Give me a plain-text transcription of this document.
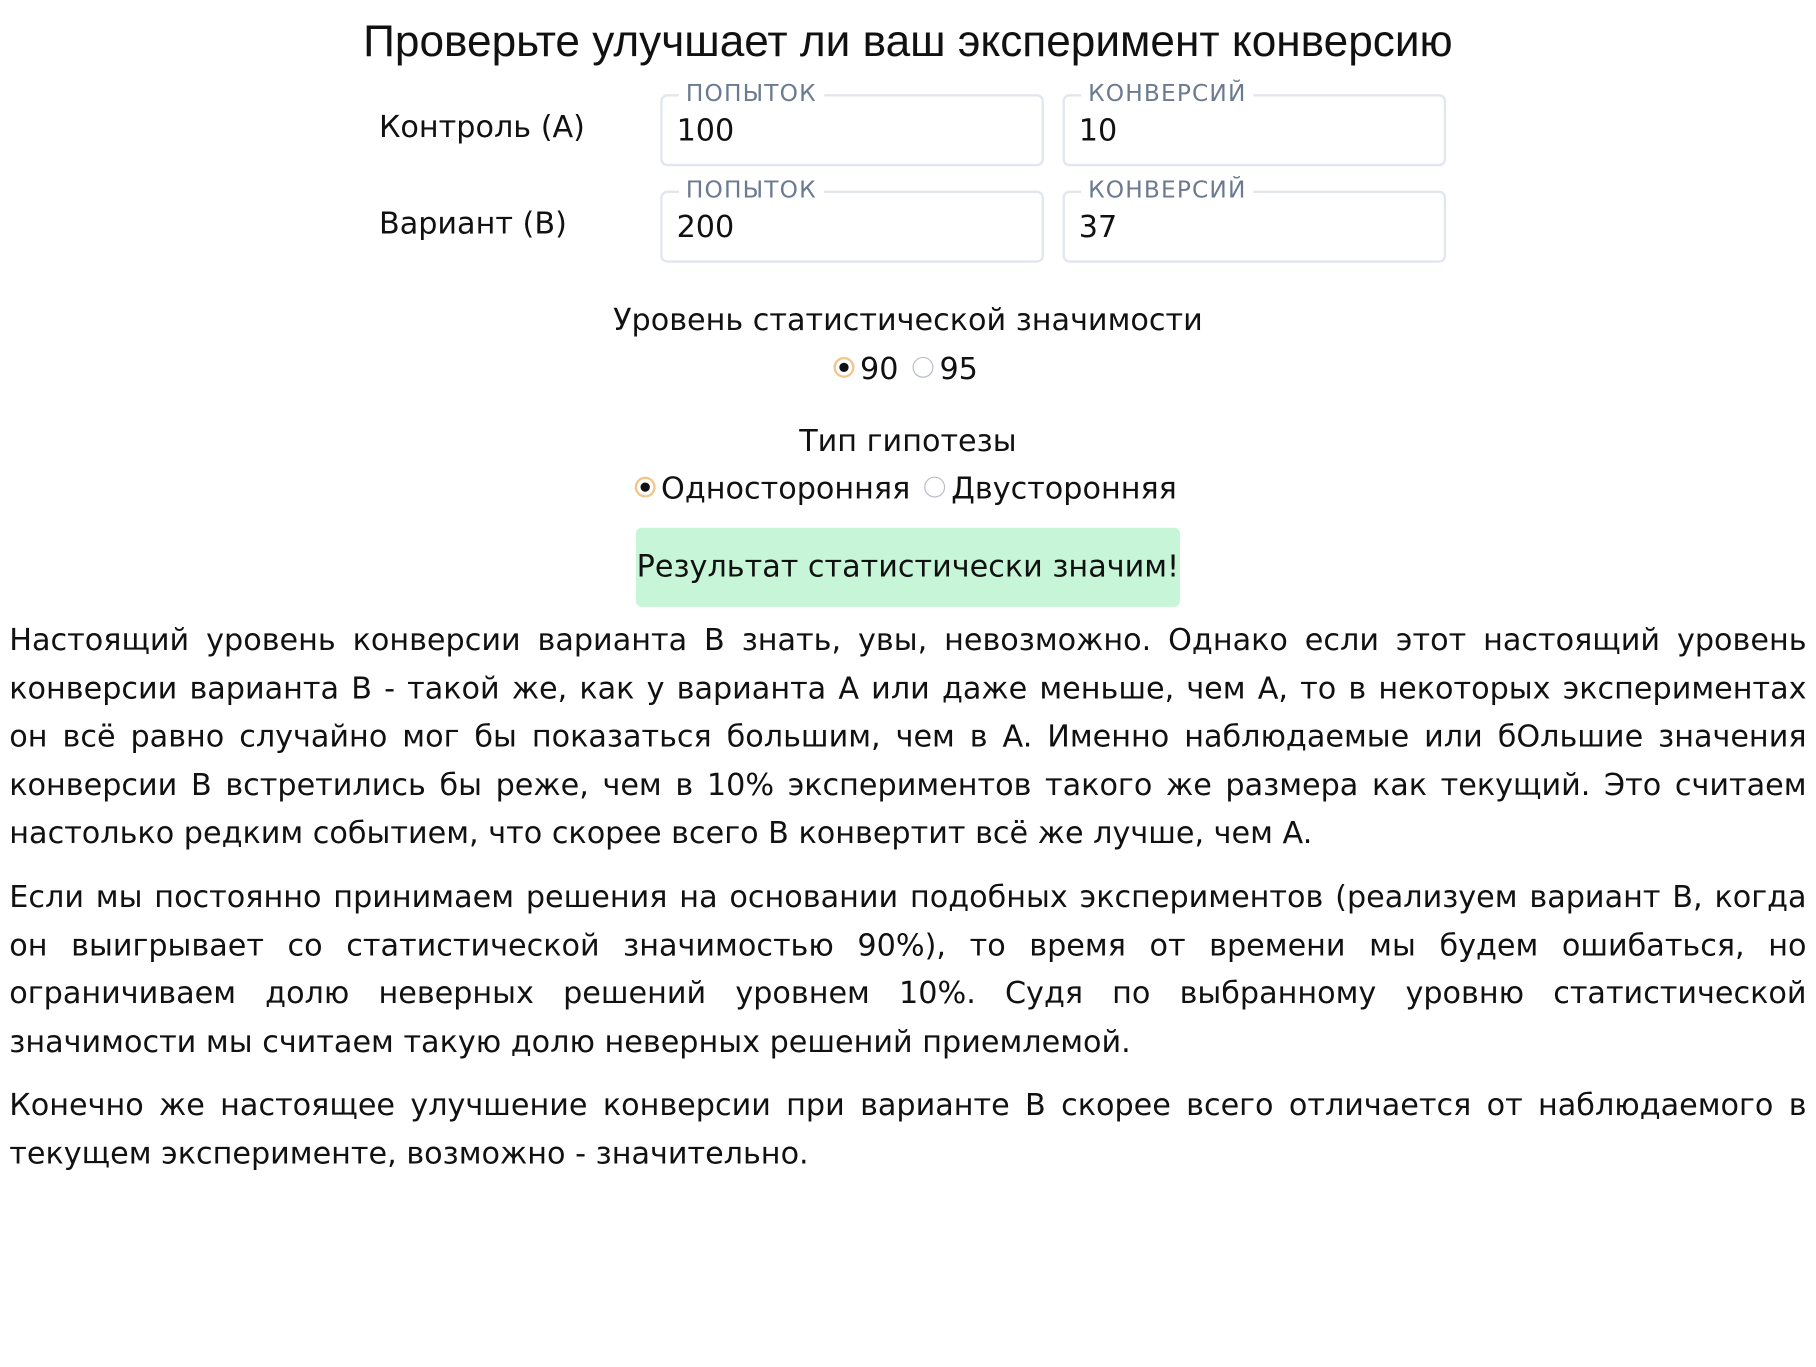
Проверьте улучшает ли ваш эксперимент конверсию
Контроль (A)
ПОПЫТОК
100	КОНВЕРСИЙ
10
Вариант (B)
ПОПЫТОК
200	КОНВЕРСИЙ
37
Уровень статистической значимости
90 95
Тип гипотезы
Односторонняя Двусторонняя
Результат статистически значим!

Настоящий уровень конверсии варианта B знать, увы, невозможно. Однако если этот настоящий уровень конверсии варианта B - такой же, как у варианта A или даже меньше, чем A, то в некоторых экспериментах он всё равно случайно мог бы показаться большим, чем в A. Именно наблюдаемые или бОльшие значения конверсии B встретились бы реже, чем в 10% экспериментов такого же размера как текущий. Это считаем настолько редким событием, что скорее всего B конвертит всё же лучше, чем A.

Если мы постоянно принимаем решения на основании подобных экспериментов (реализуем вариант B, когда он выигрывает со статистической значимостью 90%), то время от времени мы будем ошибаться, но ограничиваем долю неверных решений уровнем 10%. Судя по выбранному уровню статистической значимости мы считаем такую долю неверных решений приемлемой.

Конечно же настоящее улучшение конверсии при варианте B скорее всего отличается от наблюдаемого в текущем эксперименте, возможно - значительно.
